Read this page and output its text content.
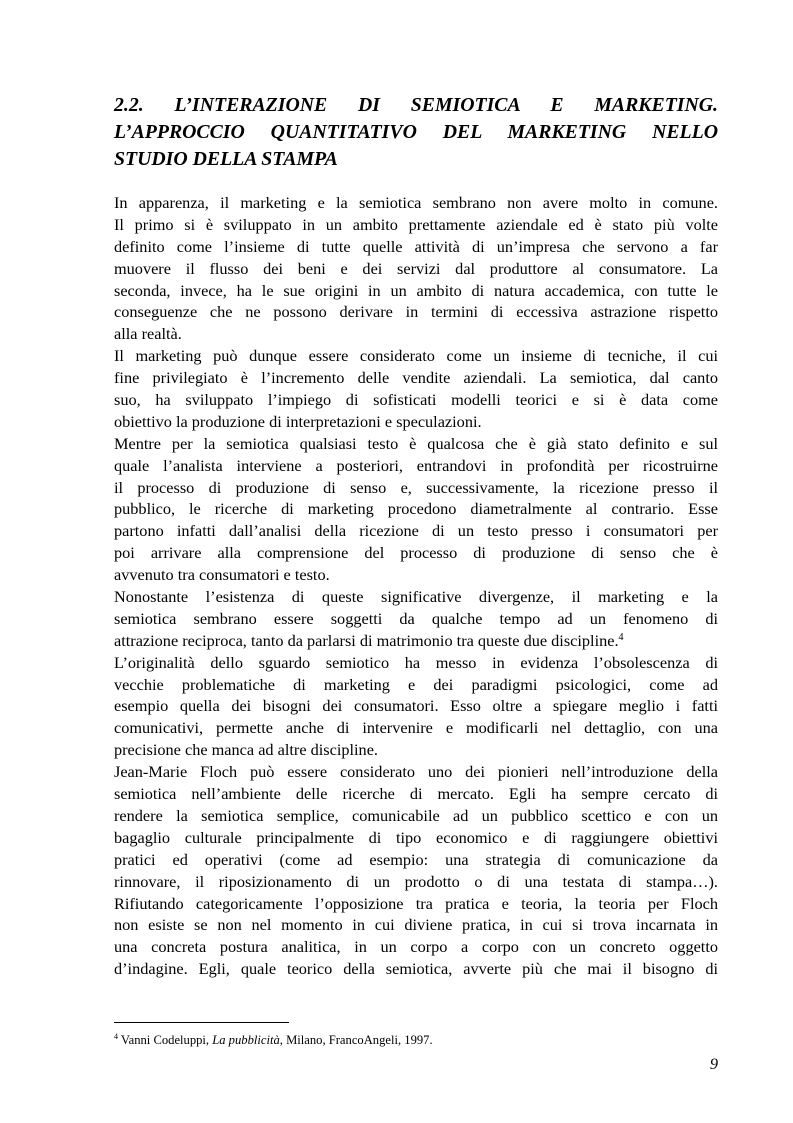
2.2. L’INTERAZIONE DI SEMIOTICA E MARKETING.
L’APPROCCIO QUANTITATIVO DEL MARKETING NELLO
STUDIO DELLA STAMPA
In apparenza, il marketing e la semiotica sembrano non avere molto in comune.
Il primo si è sviluppato in un ambito prettamente aziendale ed è stato più volte
definito come l’insieme di tutte quelle attività di un’impresa che servono a far
muovere il flusso dei beni e dei servizi dal produttore al consumatore. La
seconda, invece, ha le sue origini in un ambito di natura accademica, con tutte le
conseguenze che ne possono derivare in termini di eccessiva astrazione rispetto
alla realtà.
Il marketing può dunque essere considerato come un insieme di tecniche, il cui
fine privilegiato è l’incremento delle vendite aziendali. La semiotica, dal canto
suo, ha sviluppato l’impiego di sofisticati modelli teorici e si è data come
obiettivo la produzione di interpretazioni e speculazioni.
Mentre per la semiotica qualsiasi testo è qualcosa che è già stato definito e sul
quale l’analista interviene a posteriori, entrandovi in profondità per ricostruirne
il processo di produzione di senso e, successivamente, la ricezione presso il
pubblico, le ricerche di marketing procedono diametralmente al contrario. Esse
partono infatti dall’analisi della ricezione di un testo presso i consumatori per
poi arrivare alla comprensione del processo di produzione di senso che è
avvenuto tra consumatori e testo.
Nonostante l’esistenza di queste significative divergenze, il marketing e la
semiotica sembrano essere soggetti da qualche tempo ad un fenomeno di
attrazione reciproca, tanto da parlarsi di matrimonio tra queste due discipline.$^4$
L’originalità dello sguardo semiotico ha messo in evidenza l’obsolescenza di
vecchie problematiche di marketing e dei paradigmi psicologici, come ad
esempio quella dei bisogni dei consumatori. Esso oltre a spiegare meglio i fatti
comunicativi, permette anche di intervenire e modificarli nel dettaglio, con una
precisione che manca ad altre discipline.
Jean-Marie Floch può essere considerato uno dei pionieri nell’introduzione della
semiotica nell’ambiente delle ricerche di mercato. Egli ha sempre cercato di
rendere la semiotica semplice, comunicabile ad un pubblico scettico e con un
bagaglio culturale principalmente di tipo economico e di raggiungere obiettivi
pratici ed operativi (come ad esempio: una strategia di comunicazione da
rinnovare, il riposizionamento di un prodotto o di una testata di stampa…).
Rifiutando categoricamente l’opposizione tra pratica e teoria, la teoria per Floch
non esiste se non nel momento in cui diviene pratica, in cui si trova incarnata in
una concreta postura analitica, in un corpo a corpo con un concreto oggetto
d’indagine. Egli, quale teorico della semiotica, avverte più che mai il bisogno di
$^4$ Vanni Codeluppi, La pubblicità, Milano, FrancoAngeli, 1997.
9
